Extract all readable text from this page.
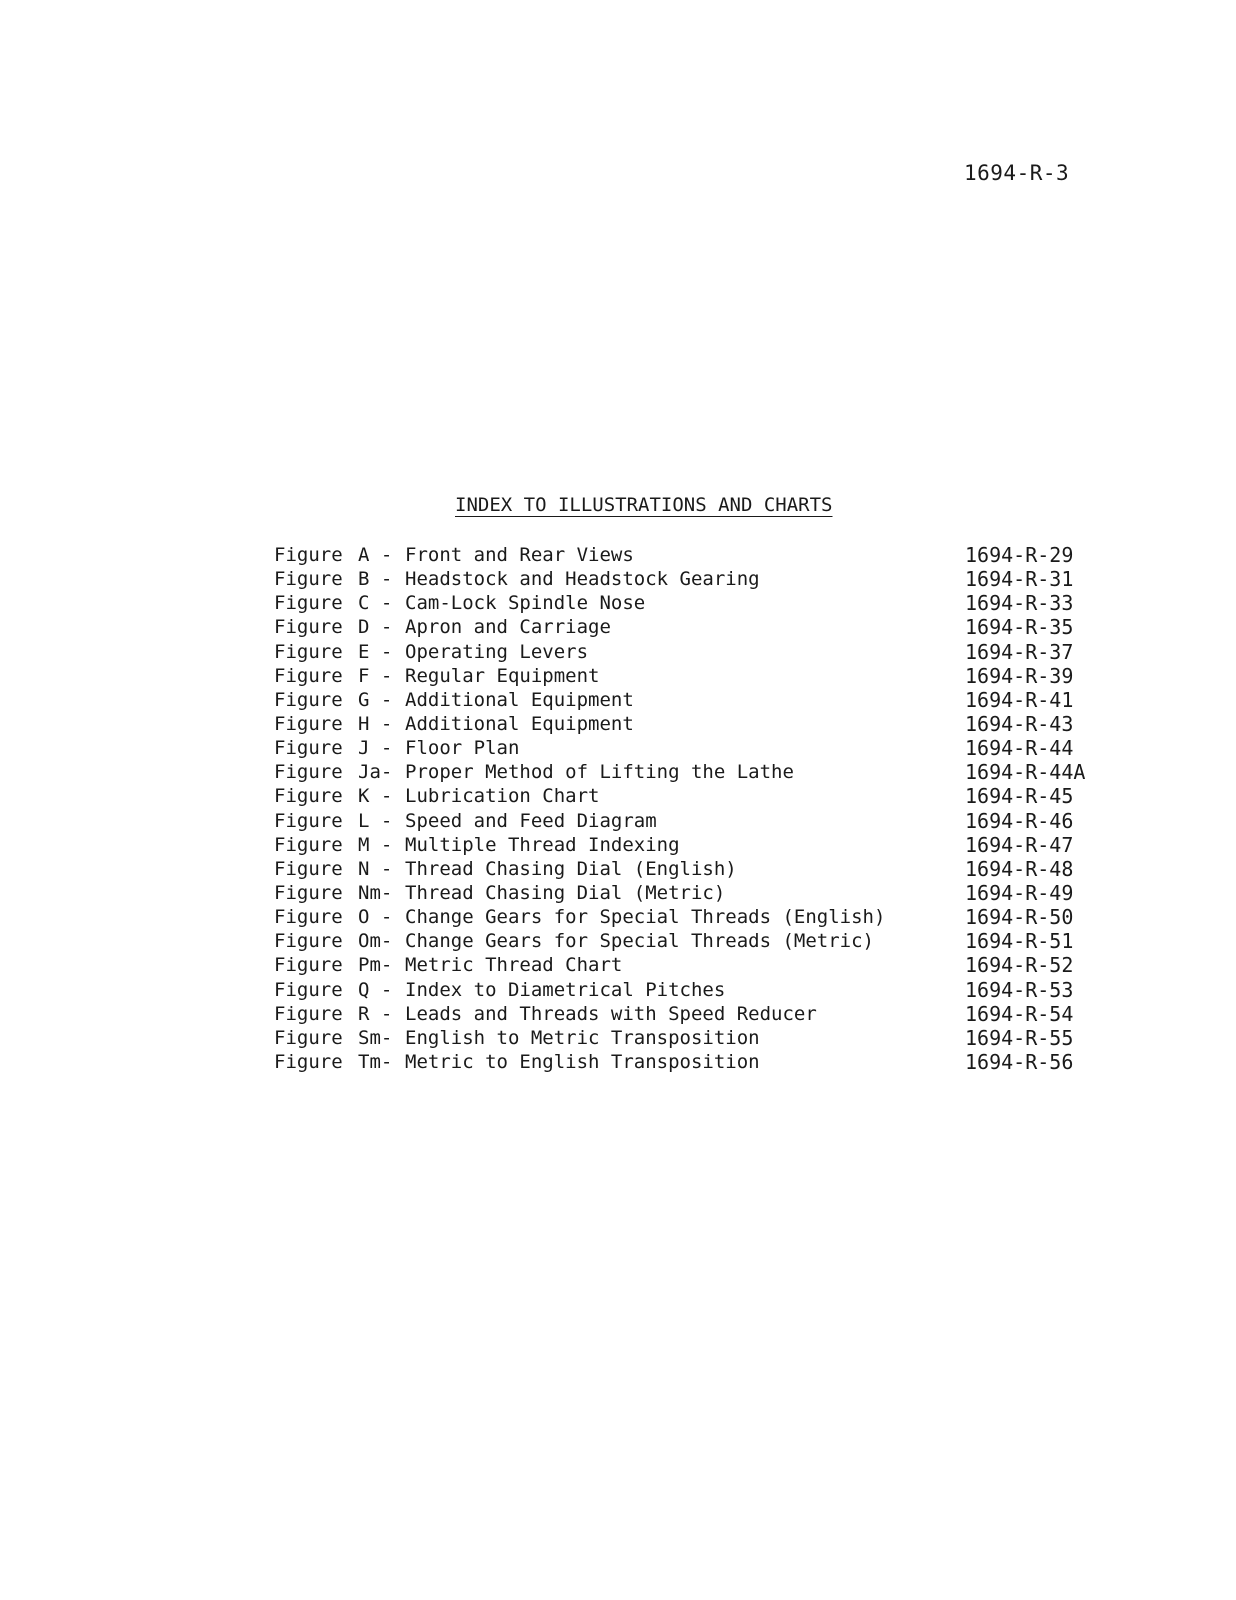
1694-R-3
INDEX TO ILLUSTRATIONS AND CHARTS
Figure A - Front and Rear Views	1694-R-29
Figure B - Headstock and Headstock Gearing	1694-R-31
Figure C - Cam-Lock Spindle Nose	1694-R-33
Figure D - Apron and Carriage	1694-R-35
Figure E - Operating Levers	1694-R-37
Figure F - Regular Equipment	1694-R-39
Figure G - Additional Equipment	1694-R-41
Figure H - Additional Equipment	1694-R-43
Figure J - Floor Plan	1694-R-44
Figure Ja- Proper Method of Lifting the Lathe	1694-R-44A
Figure K - Lubrication Chart	1694-R-45
Figure L - Speed and Feed Diagram	1694-R-46
Figure M - Multiple Thread Indexing	1694-R-47
Figure N - Thread Chasing Dial (English)	1694-R-48
Figure Nm- Thread Chasing Dial (Metric)	1694-R-49
Figure O - Change Gears for Special Threads (English)	1694-R-50
Figure Om- Change Gears for Special Threads (Metric)	1694-R-51
Figure Pm- Metric Thread Chart	1694-R-52
Figure Q - Index to Diametrical Pitches	1694-R-53
Figure R - Leads and Threads with Speed Reducer	1694-R-54
Figure Sm- English to Metric Transposition	1694-R-55
Figure Tm- Metric to English Transposition	1694-R-56
